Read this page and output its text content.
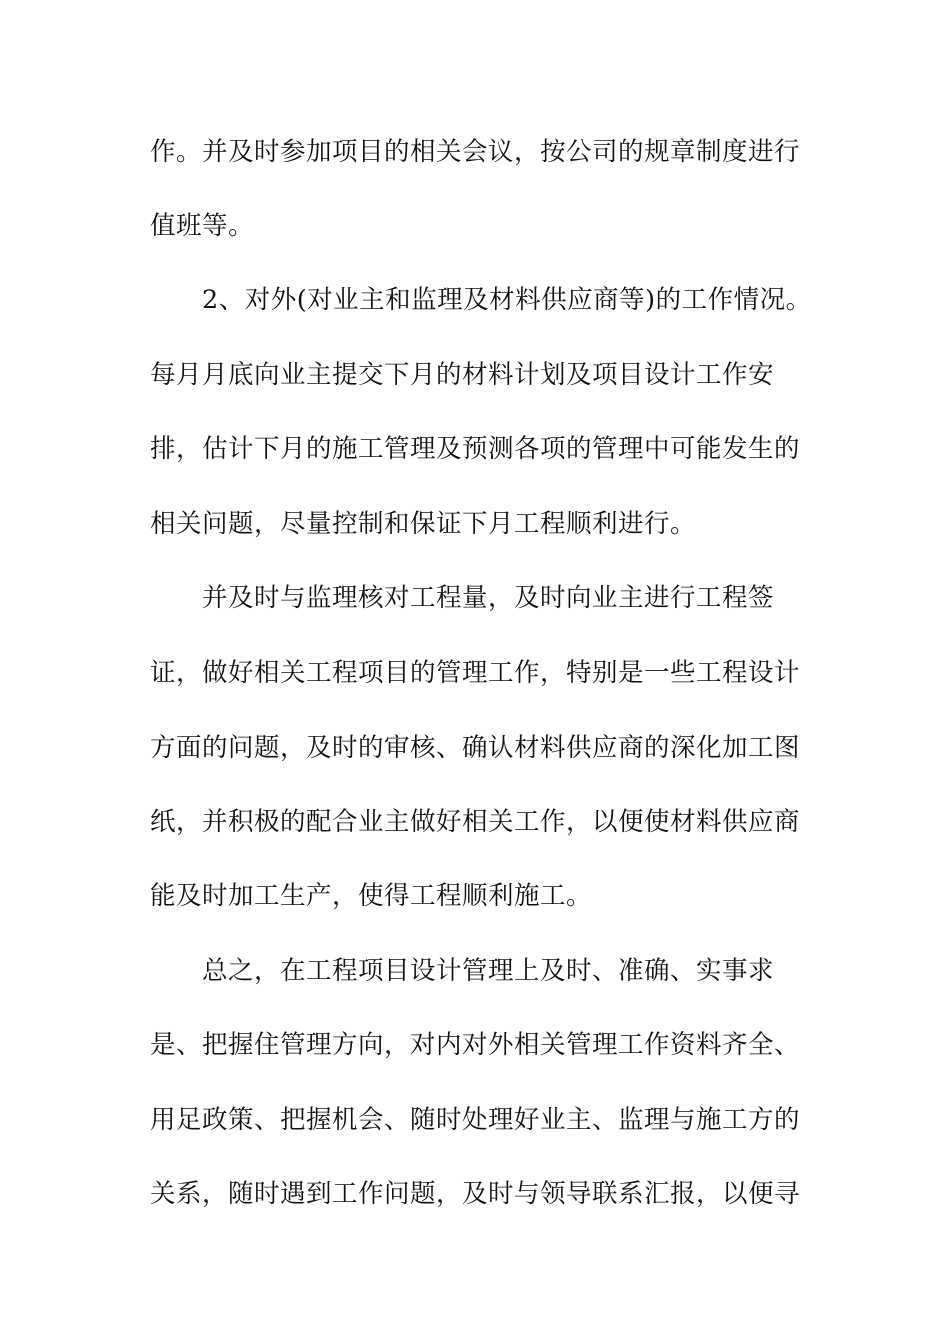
作。并及时参加项目的相关会议，按公司的规章制度进行
值班等。
2、对外(对业主和监理及材料供应商等)的工作情况。
每月月底向业主提交下月的材料计划及项目设计工作安
排，估计下月的施工管理及预测各项的管理中可能发生的
相关问题，尽量控制和保证下月工程顺利进行。
并及时与监理核对工程量，及时向业主进行工程签
证，做好相关工程项目的管理工作，特别是一些工程设计
方面的问题，及时的审核、确认材料供应商的深化加工图
纸，并积极的配合业主做好相关工作，以便使材料供应商
能及时加工生产，使得工程顺利施工。
总之，在工程项目设计管理上及时、准确、实事求
是、把握住管理方向，对内对外相关管理工作资料齐全、
用足政策、把握机会、随时处理好业主、监理与施工方的
关系，随时遇到工作问题，及时与领导联系汇报，以便寻
